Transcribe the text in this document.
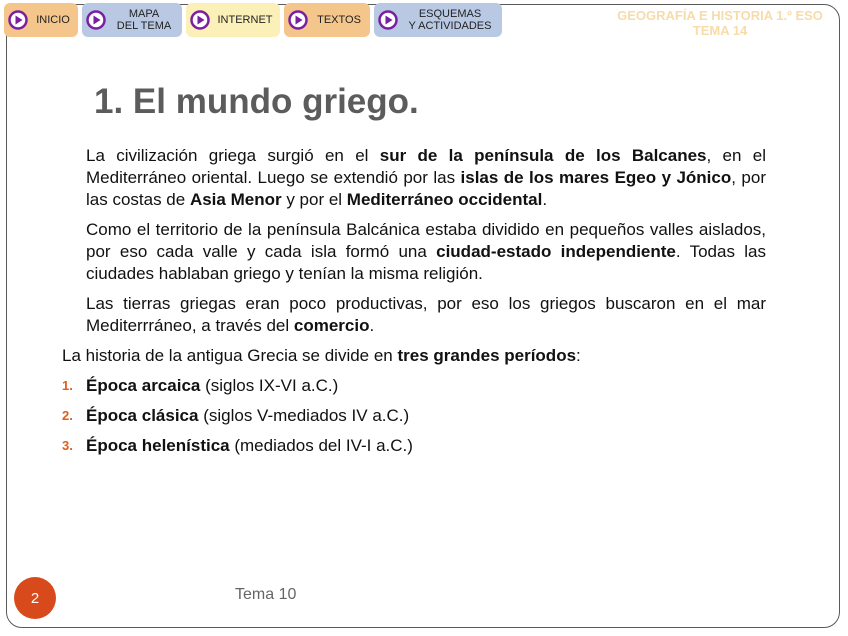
INICIO	MAPA
DEL TEMA	INTERNET	TEXTOS	ESQUEMAS
Y ACTIVIDADES
GEOGRAFÍA E HISTORIA 1.º ESO
TEMA 14
1. El mundo griego.

La civilización griega surgió en el sur de la península de los Balcanes, en el Mediterráneo oriental. Luego se extendió por las islas de los mares Egeo y Jónico, por las costas de Asia Menor y por el Mediterráneo occidental.

Como el territorio de la península Balcánica estaba dividido en pequeños valles aislados, por eso cada valle y cada isla formó una ciudad-estado independiente. Todas las ciudades hablaban griego y tenían la misma religión.

Las tierras griegas eran poco productivas, por eso los griegos buscaron en el mar Mediterrráneo, a través del comercio.

La historia de la antigua Grecia se divide en tres grandes períodos:

1. Época arcaica (siglos IX-VI a.C.)
2. Época clásica (siglos V-mediados IV a.C.)
3. Época helenística (mediados del IV-I a.C.)
2	Tema 10
